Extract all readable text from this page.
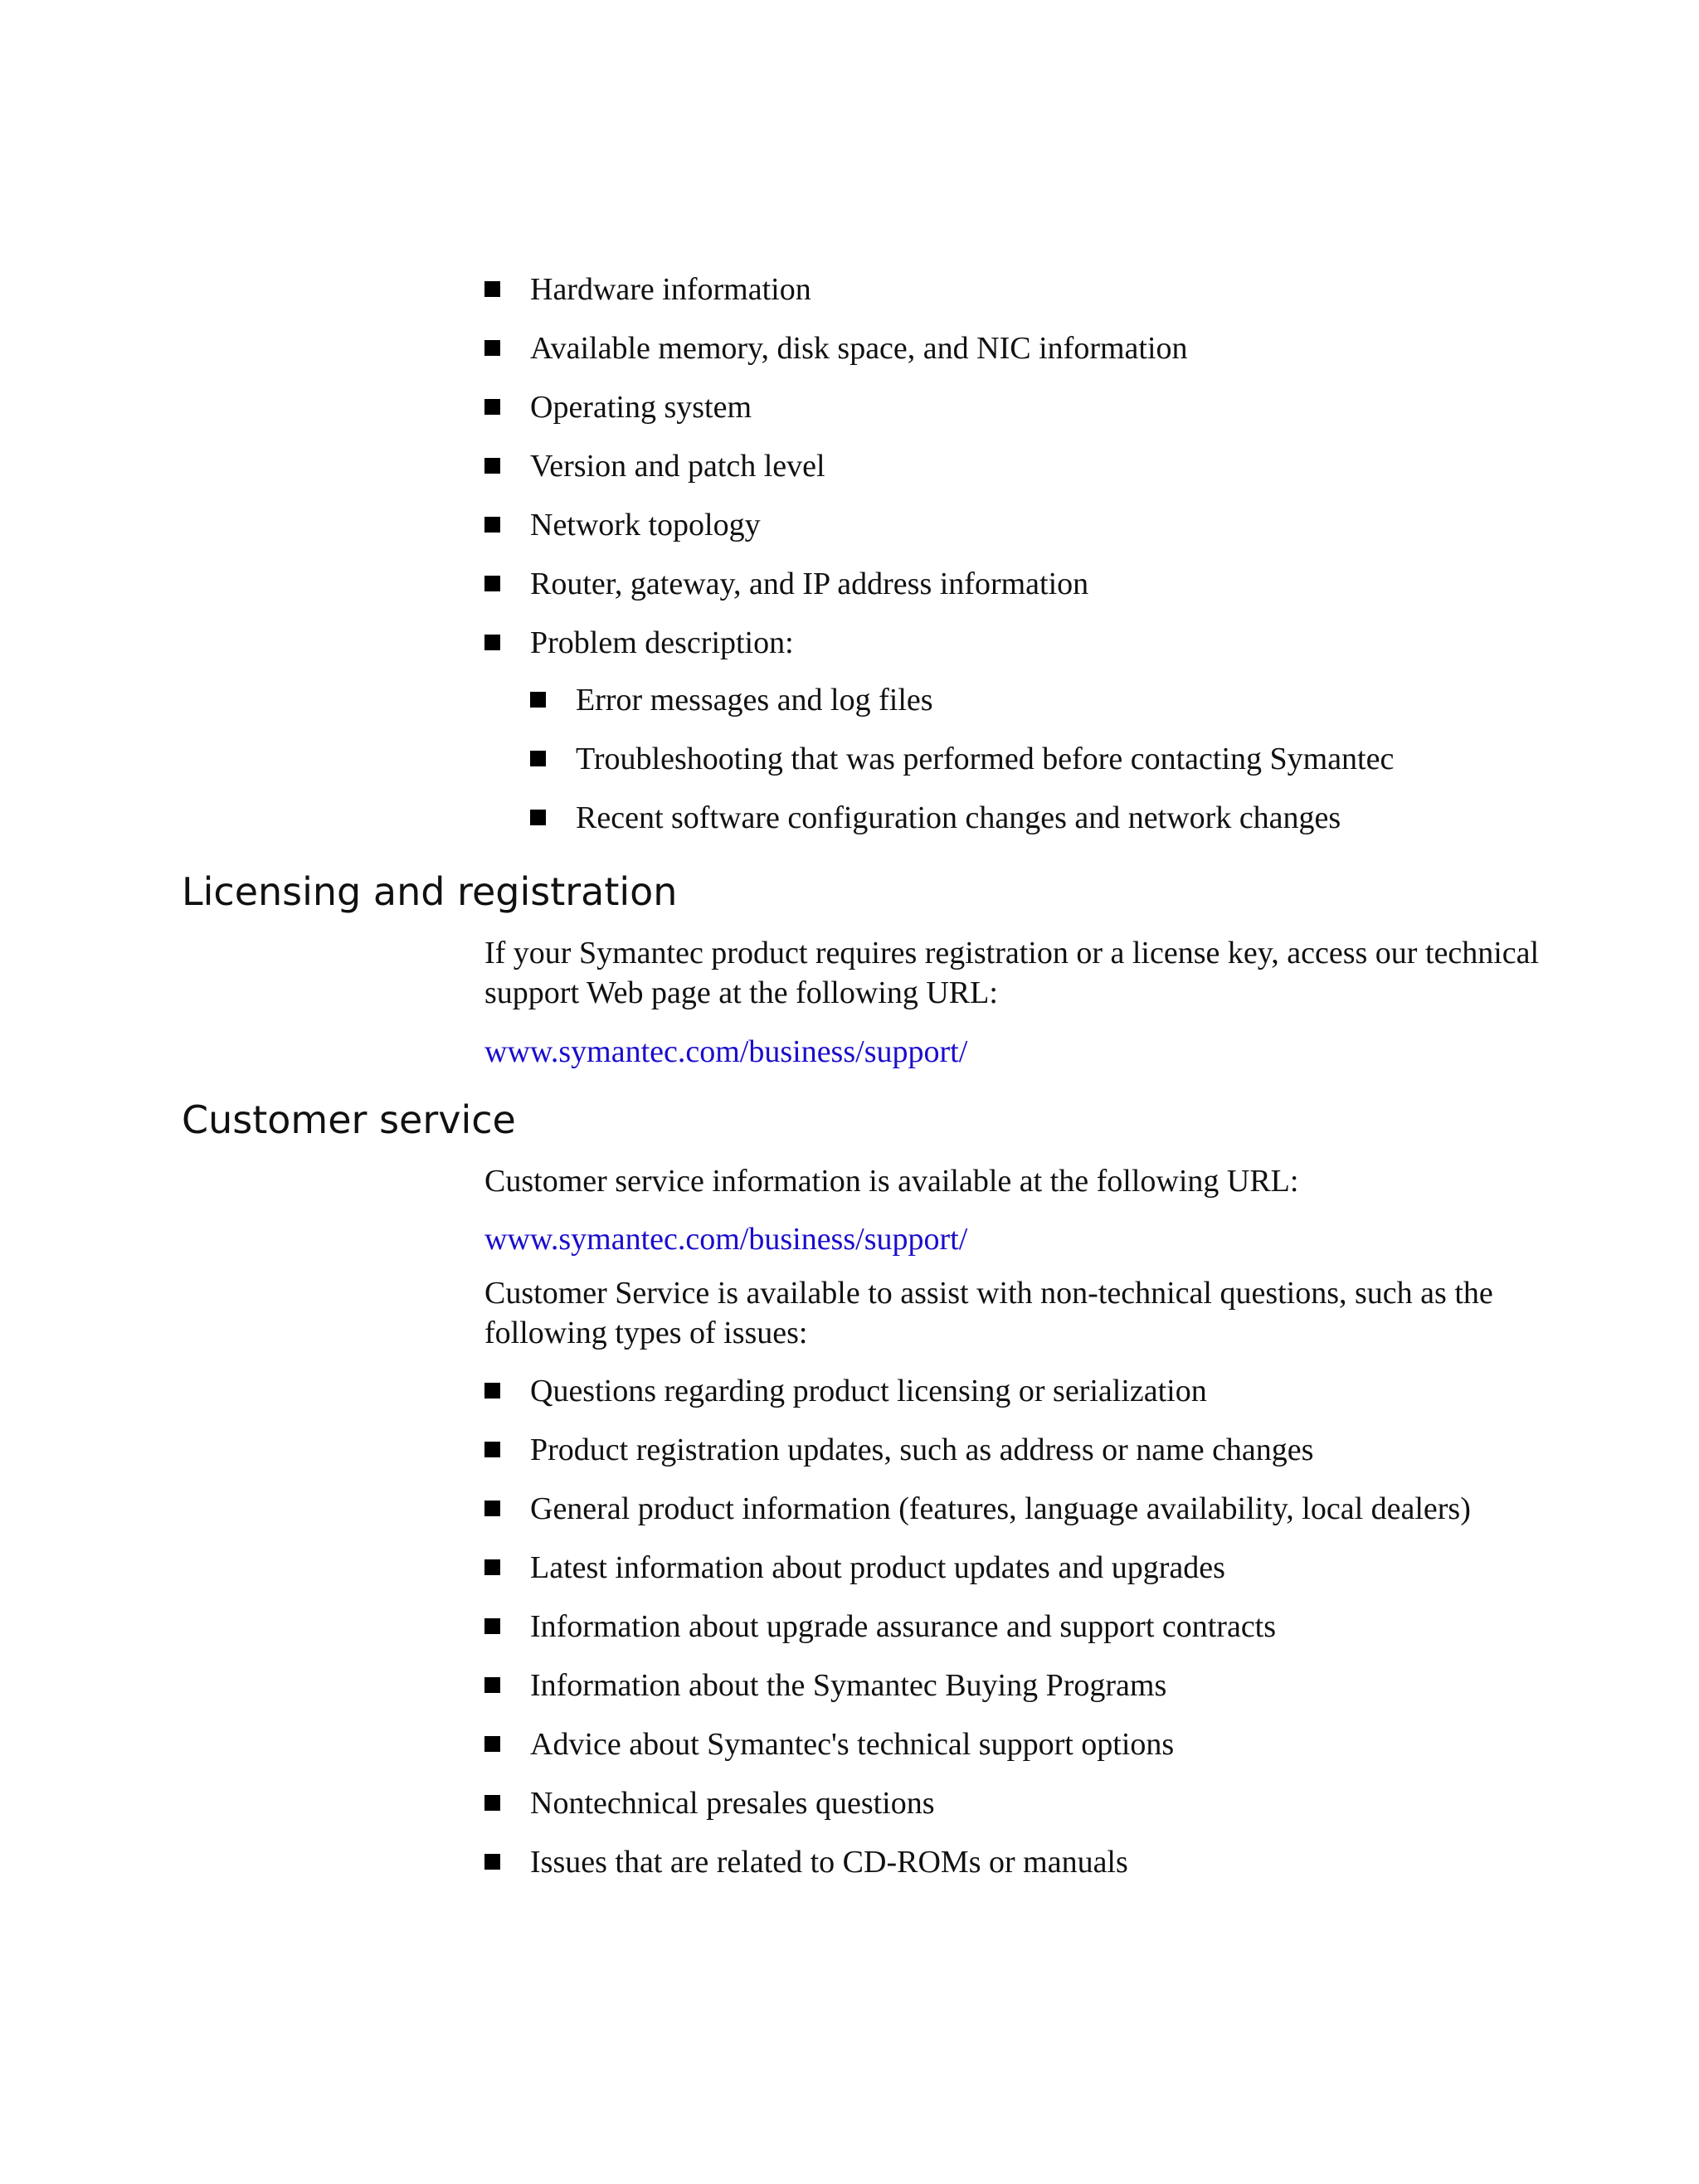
Hardware information
Available memory, disk space, and NIC information
Operating system
Version and patch level
Network topology
Router, gateway, and IP address information
Problem description:
Error messages and log files
Troubleshooting that was performed before contacting Symantec
Recent software configuration changes and network changes
Licensing and registration

If your Symantec product requires registration or a license key, access our technical
support Web page at the following URL:

www.symantec.com/business/support/
Customer service

Customer service information is available at the following URL:

www.symantec.com/business/support/

Customer Service is available to assist with non-technical questions, such as the
following types of issues:

Questions regarding product licensing or serialization
Product registration updates, such as address or name changes
General product information (features, language availability, local dealers)
Latest information about product updates and upgrades
Information about upgrade assurance and support contracts
Information about the Symantec Buying Programs
Advice about Symantec's technical support options
Nontechnical presales questions
Issues that are related to CD-ROMs or manuals
